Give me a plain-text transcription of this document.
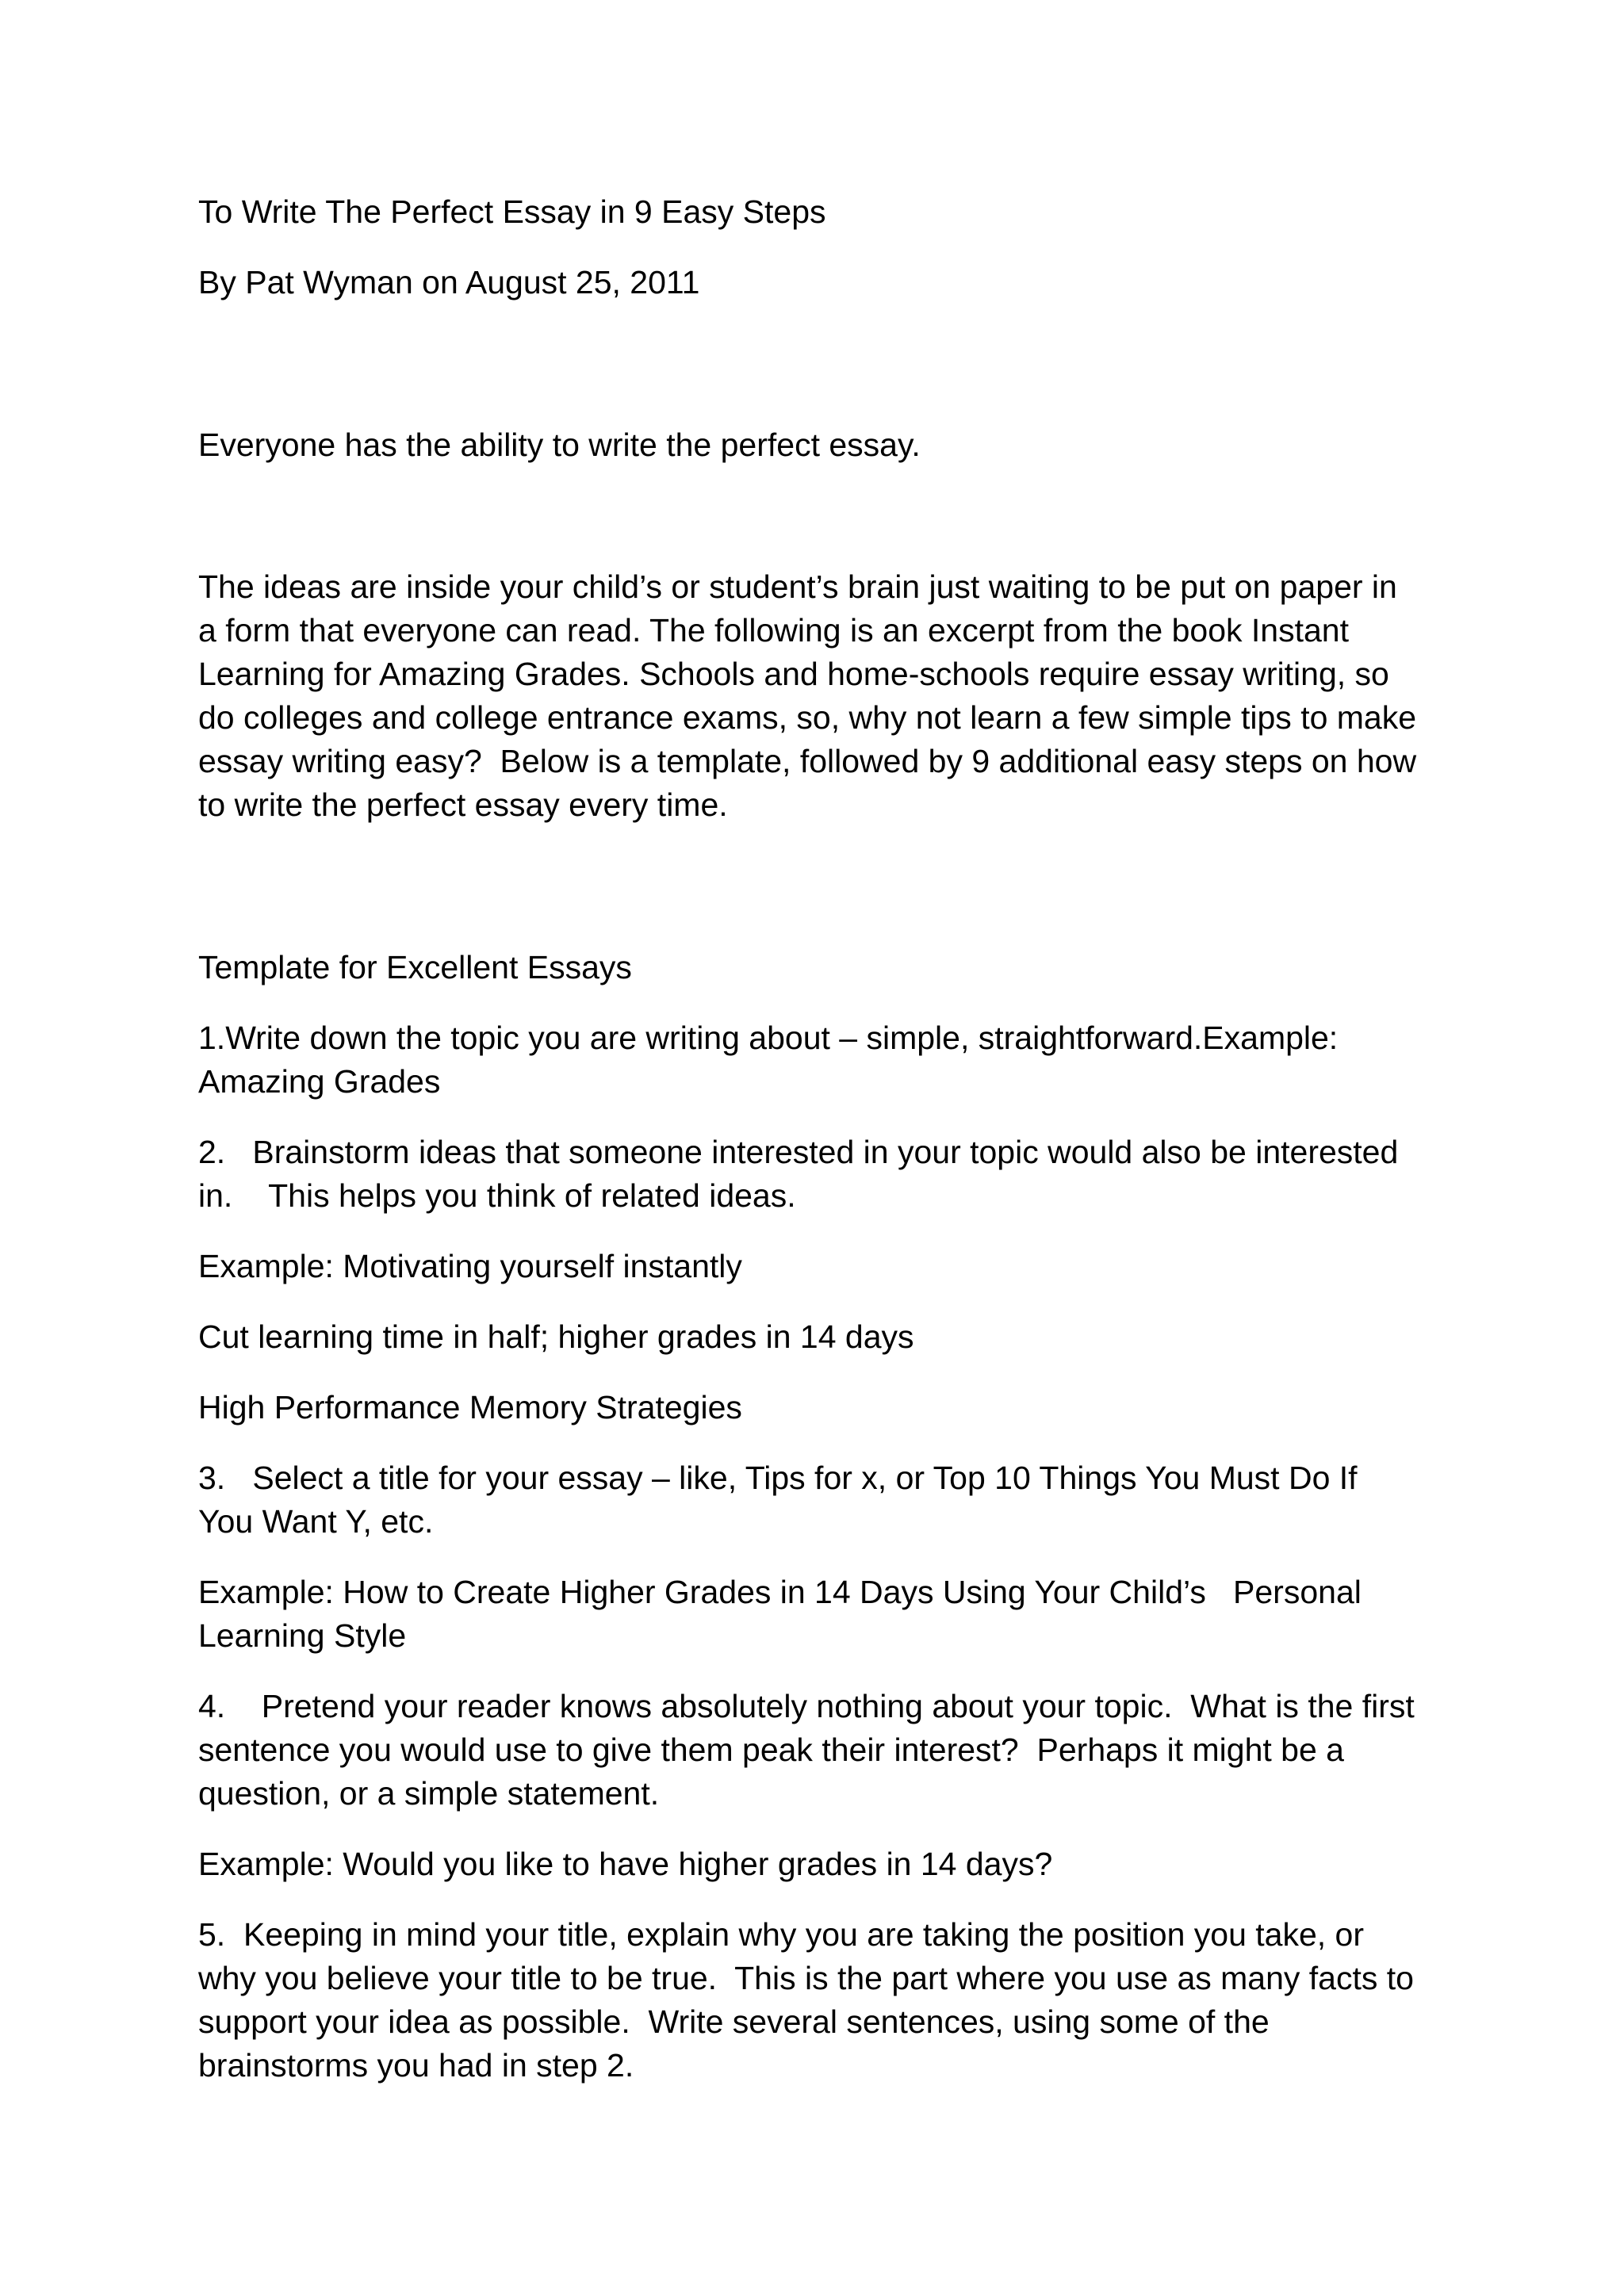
To Write The Perfect Essay in 9 Easy Steps
By Pat Wyman on August 25, 2011
Everyone has the ability to write the perfect essay.
The ideas are inside your child’s or student’s brain just waiting to be put on paper in
a form that everyone can read. The following is an excerpt from the book Instant
Learning for Amazing Grades. Schools and home-schools require essay writing, so
do colleges and college entrance exams, so, why not learn a few simple tips to make
essay writing easy?  Below is a template, followed by 9 additional easy steps on how
to write the perfect essay every time.
Template for Excellent Essays
1.Write down the topic you are writing about – simple, straightforward.Example:
Amazing Grades
2.   Brainstorm ideas that someone interested in your topic would also be interested
in.    This helps you think of related ideas.
Example: Motivating yourself instantly
Cut learning time in half; higher grades in 14 days
High Performance Memory Strategies
3.   Select a title for your essay – like, Tips for x, or Top 10 Things You Must Do If
You Want Y, etc.
Example: How to Create Higher Grades in 14 Days Using Your Child’s   Personal
Learning Style
4.    Pretend your reader knows absolutely nothing about your topic.  What is the first
sentence you would use to give them peak their interest?  Perhaps it might be a
question, or a simple statement.
Example: Would you like to have higher grades in 14 days?
5.  Keeping in mind your title, explain why you are taking the position you take, or
why you believe your title to be true.  This is the part where you use as many facts to
support your idea as possible.  Write several sentences, using some of the
brainstorms you had in step 2.
